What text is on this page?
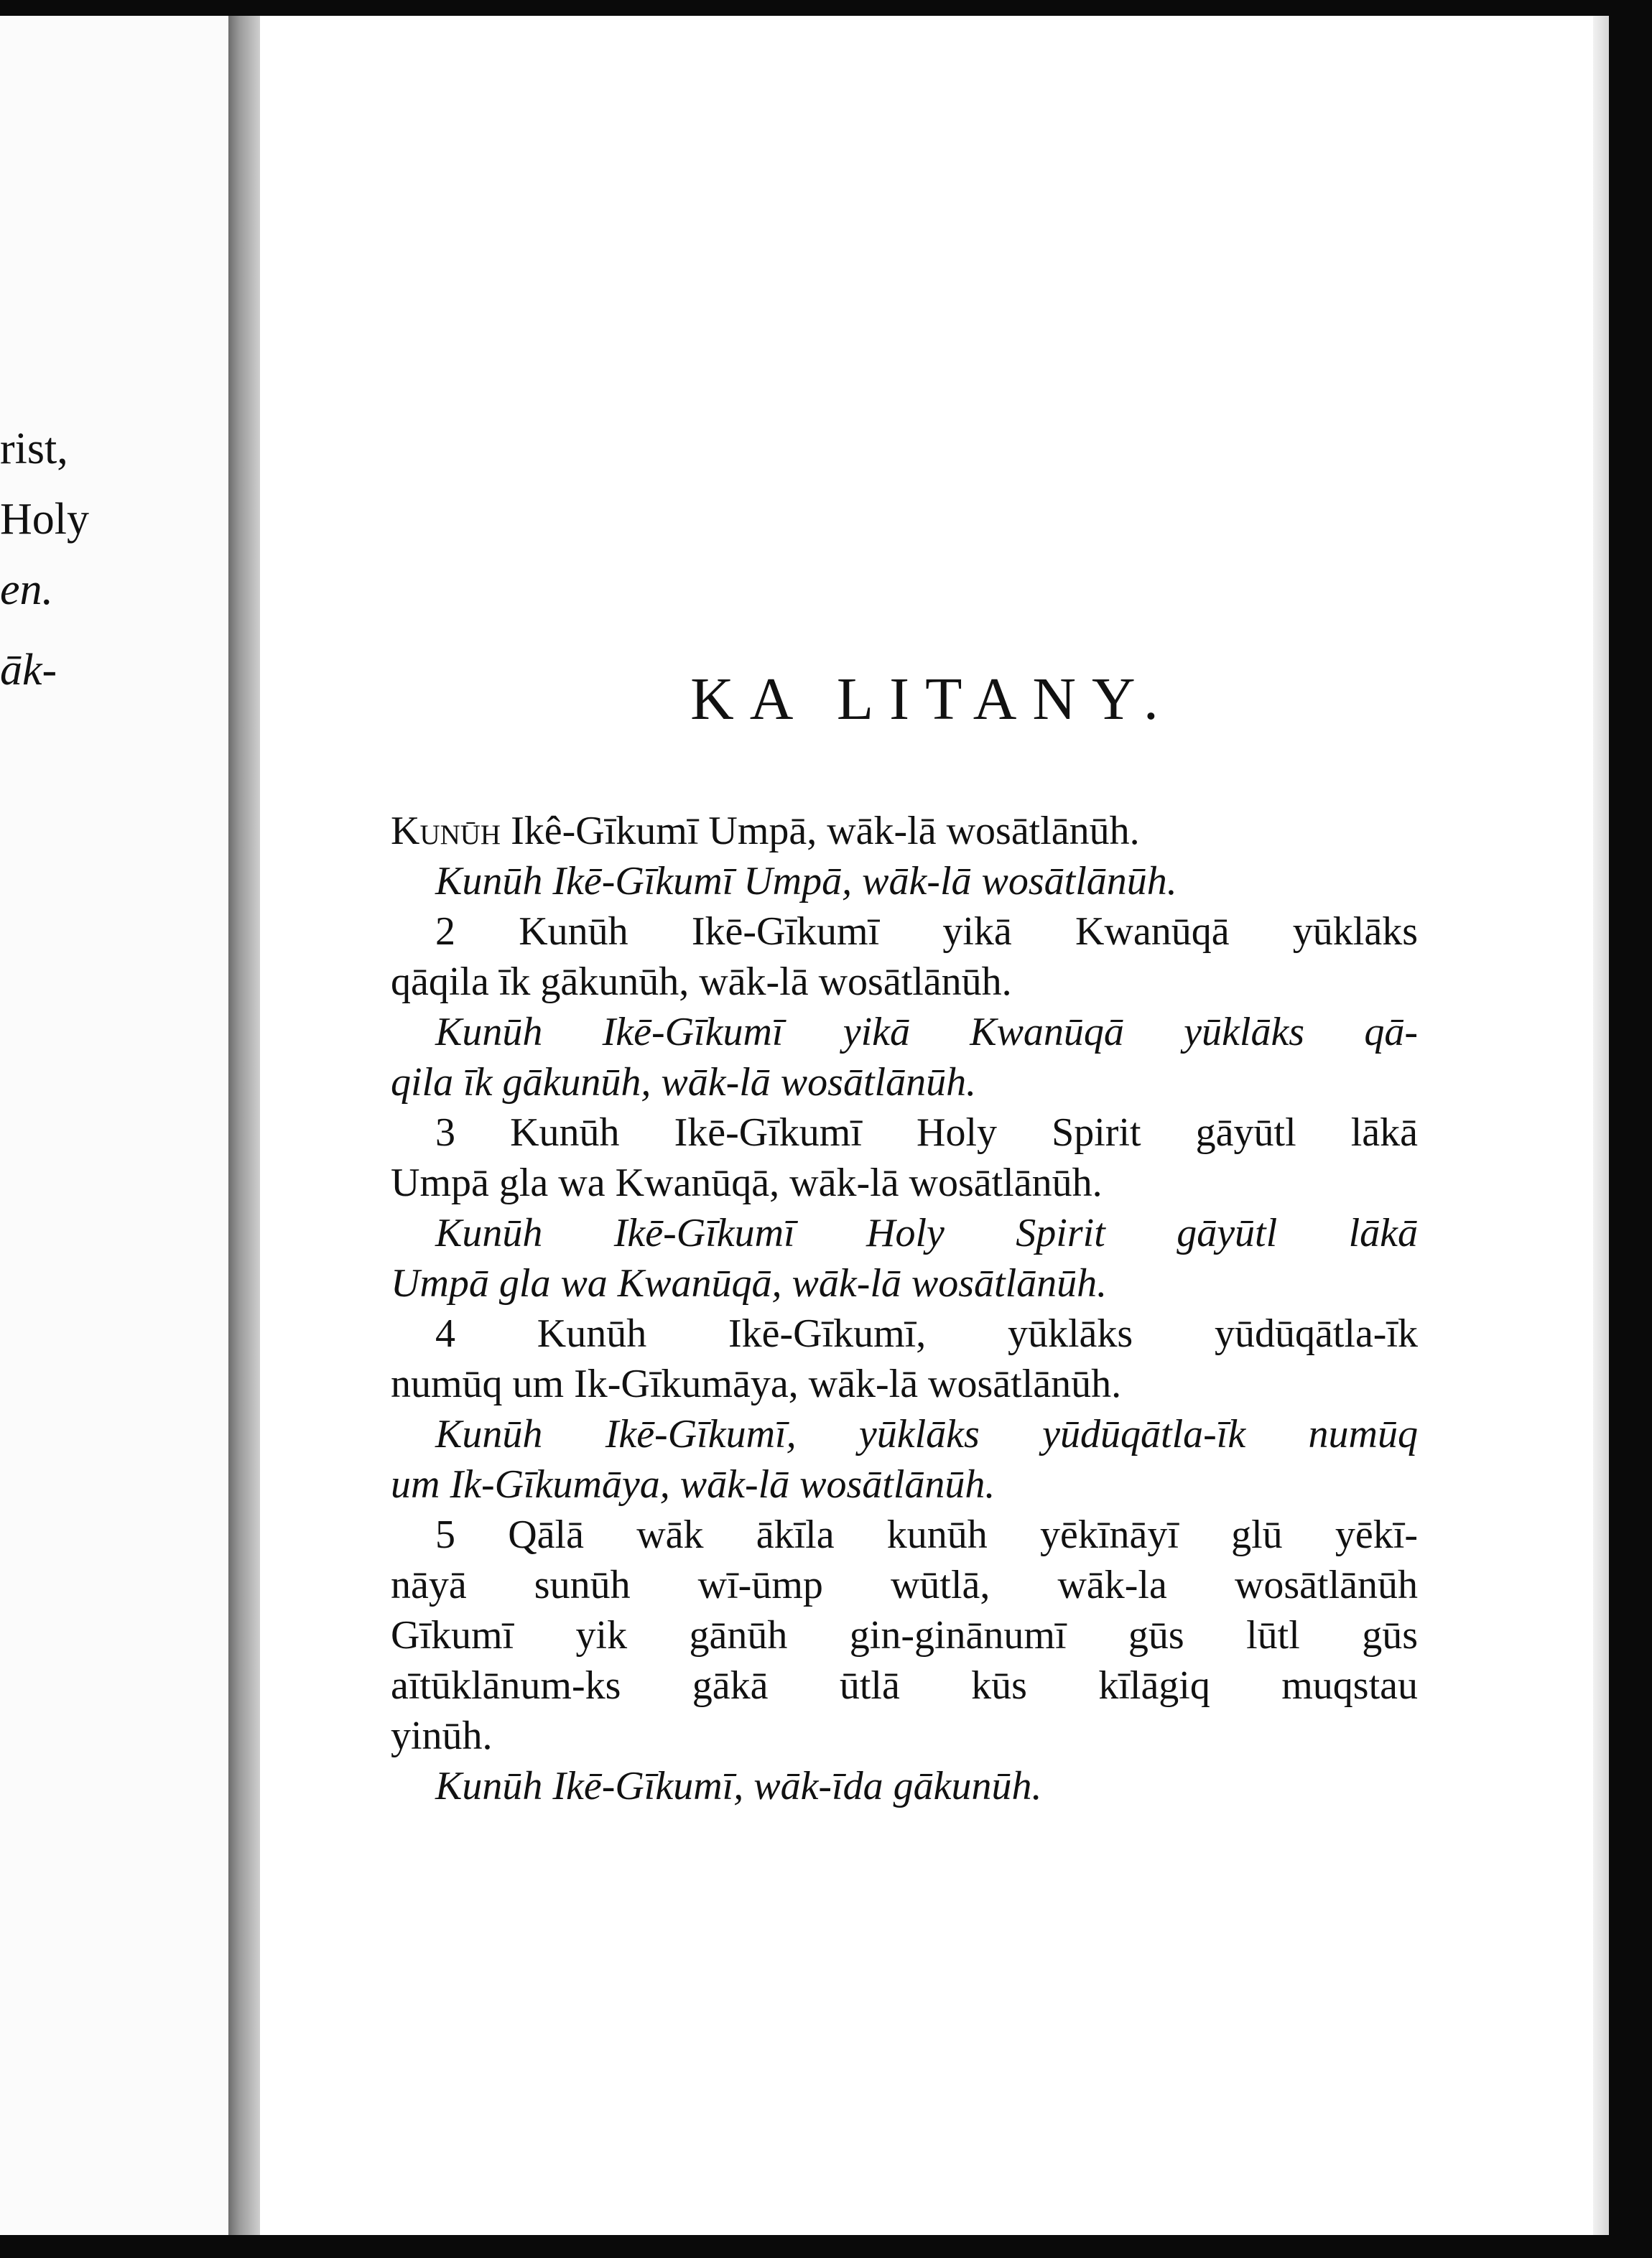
rist,
Holy
en.
āk-	KA LITANY.
Kunūh Ikê-Gīkumī Umpā, wāk-lā wosātlānūh.
Kunūh Ikē-Gīkumī Umpā, wāk-lā wosātlānūh.
2 Kunūh Ikē-Gīkumī yikā Kwanūqā yūklāks
qāqila īk gākunūh, wāk-lā wosātlānūh.
Kunūh Ikē-Gīkumī yikā Kwanūqā yūklāks qā-
qila īk gākunūh, wāk-lā wosātlānūh.
3 Kunūh Ikē-Gīkumī Holy Spirit gāyūtl lākā
Umpā gla wa Kwanūqā, wāk-lā wosātlānūh.
Kunūh Ikē-Gīkumī Holy Spirit gāyūtl lākā
Umpā gla wa Kwanūqā, wāk-lā wosātlānūh.
4 Kunūh Ikē-Gīkumī, yūklāks yūdūqātla-īk
numūq um Ik-Gīkumāya, wāk-lā wosātlānūh.
Kunūh Ikē-Gīkumī, yūklāks yūdūqātla-īk numūq
um Ik-Gīkumāya, wāk-lā wosātlānūh.
5 Qālā wāk ākīla kunūh yēkīnāyī glū yēkī-
nāyā sunūh wī-ūmp wūtlā, wāk-la wosātlānūh
Gīkumī yik gānūh gin-ginānumī gūs lūtl gūs
aītūklānum-ks gākā ūtlā kūs kīlāgiq muqstau
yinūh.
Kunūh Ikē-Gīkumī, wāk-īda gākunūh.
